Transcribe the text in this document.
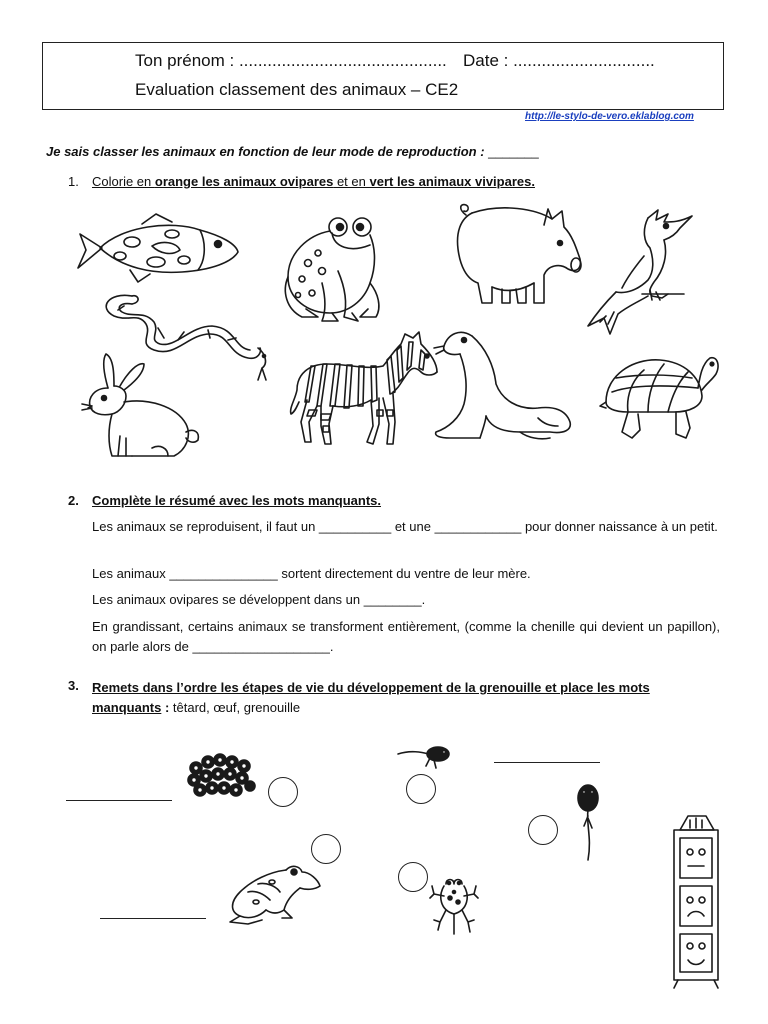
Ton prénom : ............................................ Date : ..............................
Evaluation classement des animaux – CE2
http://le-stylo-de-vero.eklablog.com
Je sais classer les animaux en fonction de leur mode de reproduction : _______
1. Colorie en orange les animaux ovipares et en vert les animaux vivipares.
2. Complète le résumé avec les mots manquants.
Les animaux se reproduisent, il faut un __________ et une ____________ pour donner naissance à un petit.
Les animaux _______________ sortent directement du ventre de leur mère.
Les animaux ovipares se développent dans un ________.
En grandissant, certains animaux se transforment entièrement, (comme la chenille qui devient un papillon), on parle alors de ___________________.
3. Remets dans l’ordre les étapes de vie du développement de la grenouille et place les mots manquants : têtard, œuf, grenouille
